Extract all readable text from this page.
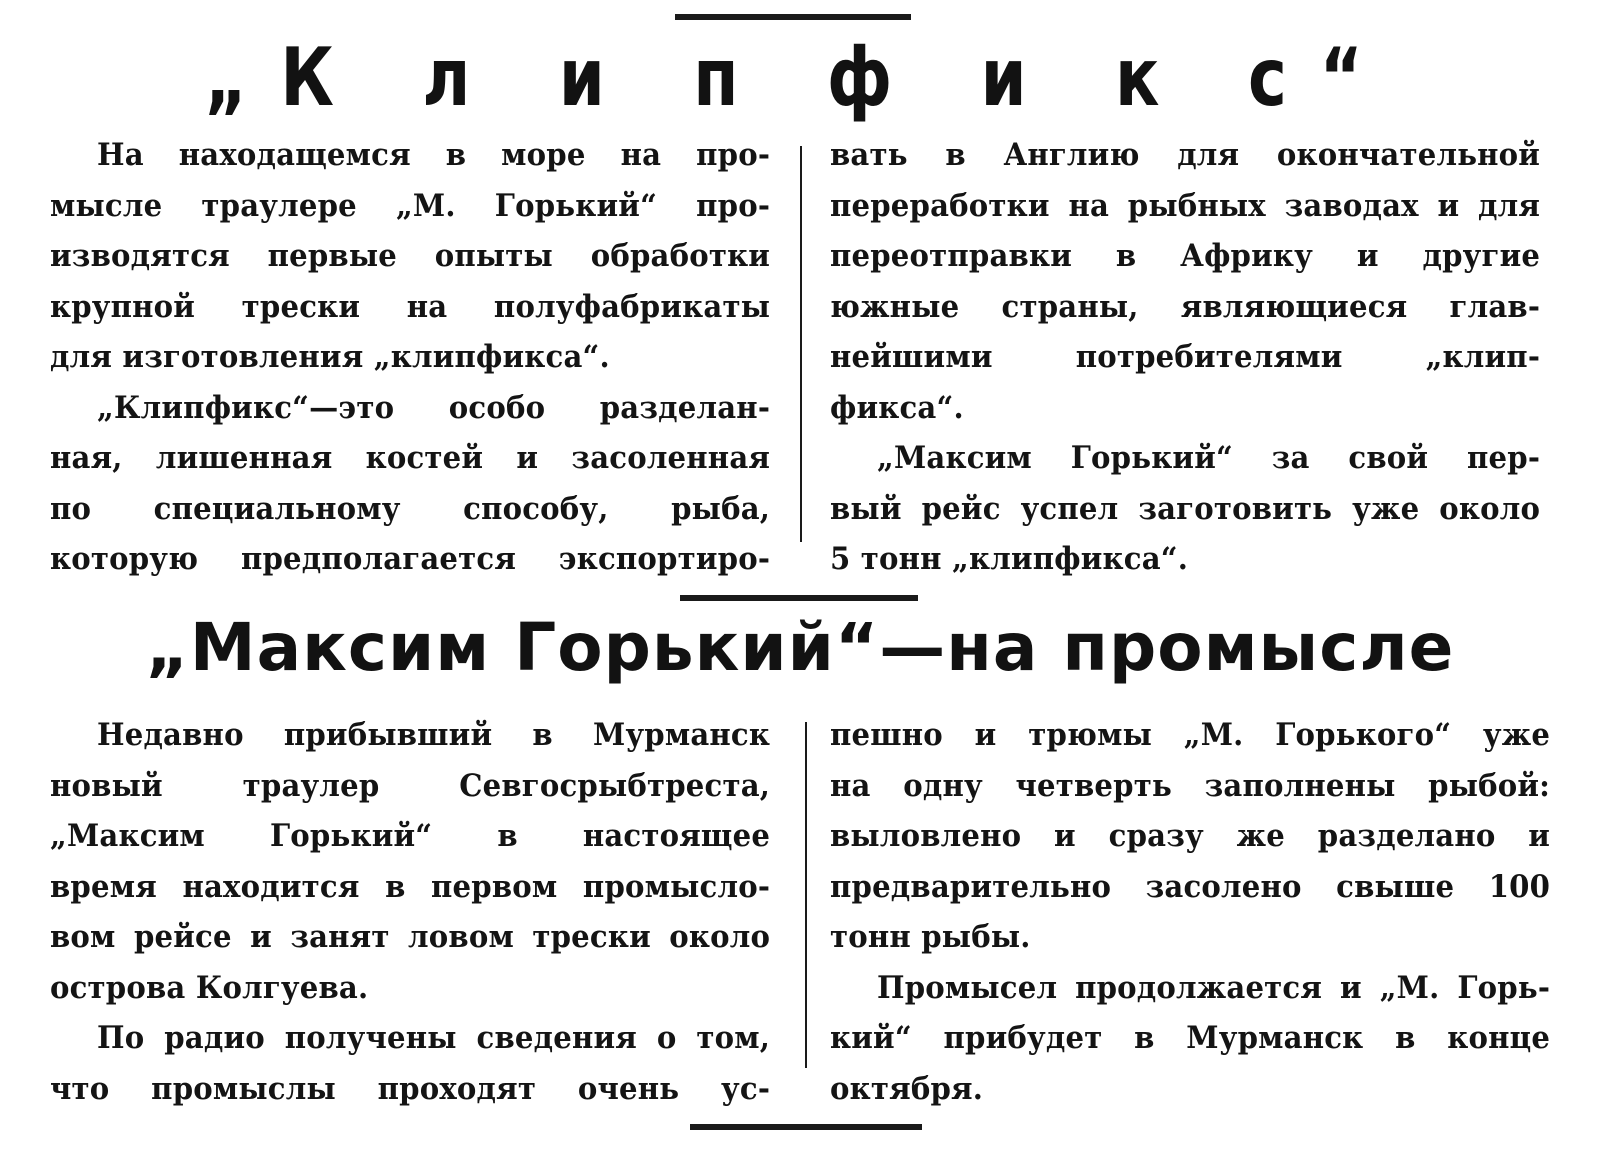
„К л и п ф и к с“

На находащемся в море на про-

мысле траулере „М. Горький“ про-

изводятся первые опыты обработки

крупной трески на полуфабрикаты

для изготовления „клипфикса“.

„Клипфикс“—это особо разделан-

ная, лишенная костей и засоленная

по специальному способу, рыба,

которую предполагается экспортиро-

вать в Англию для окончательной

переработки на рыбных заводах и для

переотправки в Африку и другие

южные страны, являющиеся глав-

нейшими потребителями „клип-

фикса“.

„Максим Горький“ за свой пер-

вый рейс успел заготовить уже около

5 тонн „клипфикса“.

„Максим Горький“—на промысле

Недавно прибывший в Мурманск

новый траулер Севгосрыбтреста,

„Максим Горький“ в настоящее

время находится в первом промысло-

вом рейсе и занят ловом трески около

острова Колгуева.

По радио получены сведения о том,

что промыслы проходят очень ус-

пешно и трюмы „М. Горького“ уже

на одну четверть заполнены рыбой:

выловлено и сразу же разделано и

предварительно засолено свыше 100

тонн рыбы.

Промысел продолжается и „М. Горь-

кий“ прибудет в Мурманск в конце

октября.
